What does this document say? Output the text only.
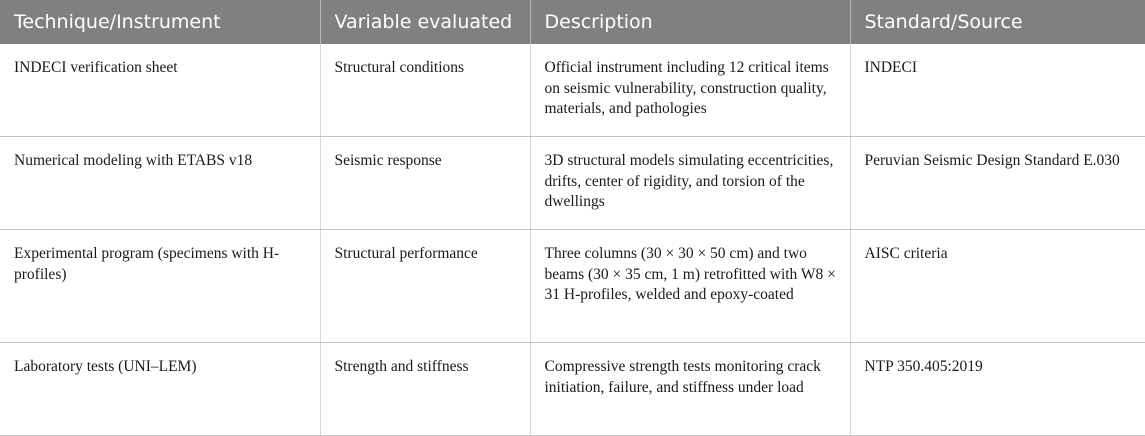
Technique/Instrument	Variable evaluated	Description	Standard/Source
INDECI verification sheet	Structural conditions	Official instrument including 12 critical items on seismic vulnerability, construction quality, materials, and pathologies	INDECI
Numerical modeling with ETABS v18	Seismic response	3D structural models simulating eccentricities, drifts, center of rigidity, and torsion of the dwellings	Peruvian Seismic Design Standard E.030
Experimental program (specimens with H-profiles)	Structural performance	Three columns (30 × 30 × 50 cm) and two beams (30 × 35 cm, 1 m) retrofitted with W8 × 31 H-profiles, welded and epoxy-coated	AISC criteria
Laboratory tests (UNI–LEM)	Strength and stiffness	Compressive strength tests monitoring crack initiation, failure, and stiffness under load	NTP 350.405:2019
